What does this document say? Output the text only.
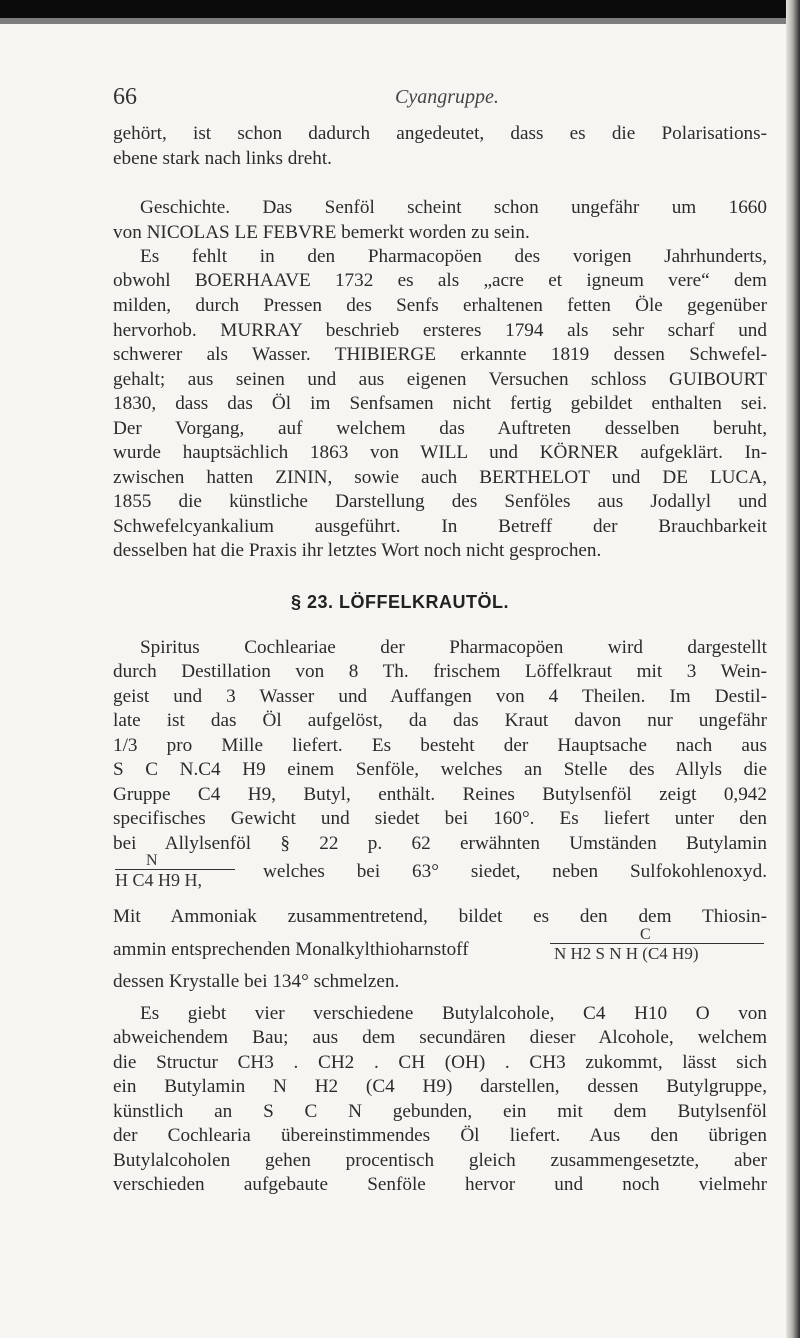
66	Cyangruppe.

gehört, ist schon dadurch angedeutet, dass es die Polarisations-

ebene stark nach links dreht.

Geschichte. Das Senföl scheint schon ungefähr um 1660

von NICOLAS LE FEBVRE bemerkt worden zu sein.

Es fehlt in den Pharmacopöen des vorigen Jahrhunderts,

obwohl BOERHAAVE 1732 es als „acre et igneum vere“ dem

milden, durch Pressen des Senfs erhaltenen fetten Öle gegenüber

hervorhob. MURRAY beschrieb ersteres 1794 als sehr scharf und

schwerer als Wasser. THIBIERGE erkannte 1819 dessen Schwefel-

gehalt; aus seinen und aus eigenen Versuchen schloss GUIBOURT

1830, dass das Öl im Senfsamen nicht fertig gebildet enthalten sei.

Der Vorgang, auf welchem das Auftreten desselben beruht,

wurde hauptsächlich 1863 von WILL und KÖRNER aufgeklärt. In-

zwischen hatten ZININ, sowie auch BERTHELOT und DE LUCA,

1855 die künstliche Darstellung des Senföles aus Jodallyl und

Schwefelcyankalium ausgeführt. In Betreff der Brauchbarkeit

desselben hat die Praxis ihr letztes Wort noch nicht gesprochen.

§ 23. LÖFFELKRAUTÖL.

Spiritus Cochleariae der Pharmacopöen wird dargestellt

durch Destillation von 8 Th. frischem Löffelkraut mit 3 Wein-

geist und 3 Wasser und Auffangen von 4 Theilen. Im Destil-

late ist das Öl aufgelöst, da das Kraut davon nur ungefähr

1/3 pro Mille liefert. Es besteht der Hauptsache nach aus

S C N.C4 H9 einem Senföle, welches an Stelle des Allyls die

Gruppe C4 H9, Butyl, enthält. Reines Butylsenföl zeigt 0,942

specifisches Gewicht und siedet bei 160°. Es liefert unter den

bei Allylsenföl § 22 p. 62 erwähnten Umständen Butylamin

N
H C4 H9 H,	welches bei 63° siedet, neben Sulfokohlenoxyd.

Mit Ammoniak zusammentretend, bildet es den dem Thiosin-

ammin entsprechenden Monalkylthioharnstoff

C
N H2 S N H (C4 H9)

dessen Krystalle bei 134° schmelzen.

Es giebt vier verschiedene Butylalcohole, C4 H10 O von

abweichendem Bau; aus dem secundären dieser Alcohole, welchem

die Structur CH3 . CH2 . CH (OH) . CH3 zukommt, lässt sich

ein Butylamin N H2 (C4 H9) darstellen, dessen Butylgruppe,

künstlich an S C N gebunden, ein mit dem Butylsenföl

der Cochlearia übereinstimmendes Öl liefert. Aus den übrigen

Butylalcoholen gehen procentisch gleich zusammengesetzte, aber

verschieden aufgebaute Senföle hervor und noch vielmehr
